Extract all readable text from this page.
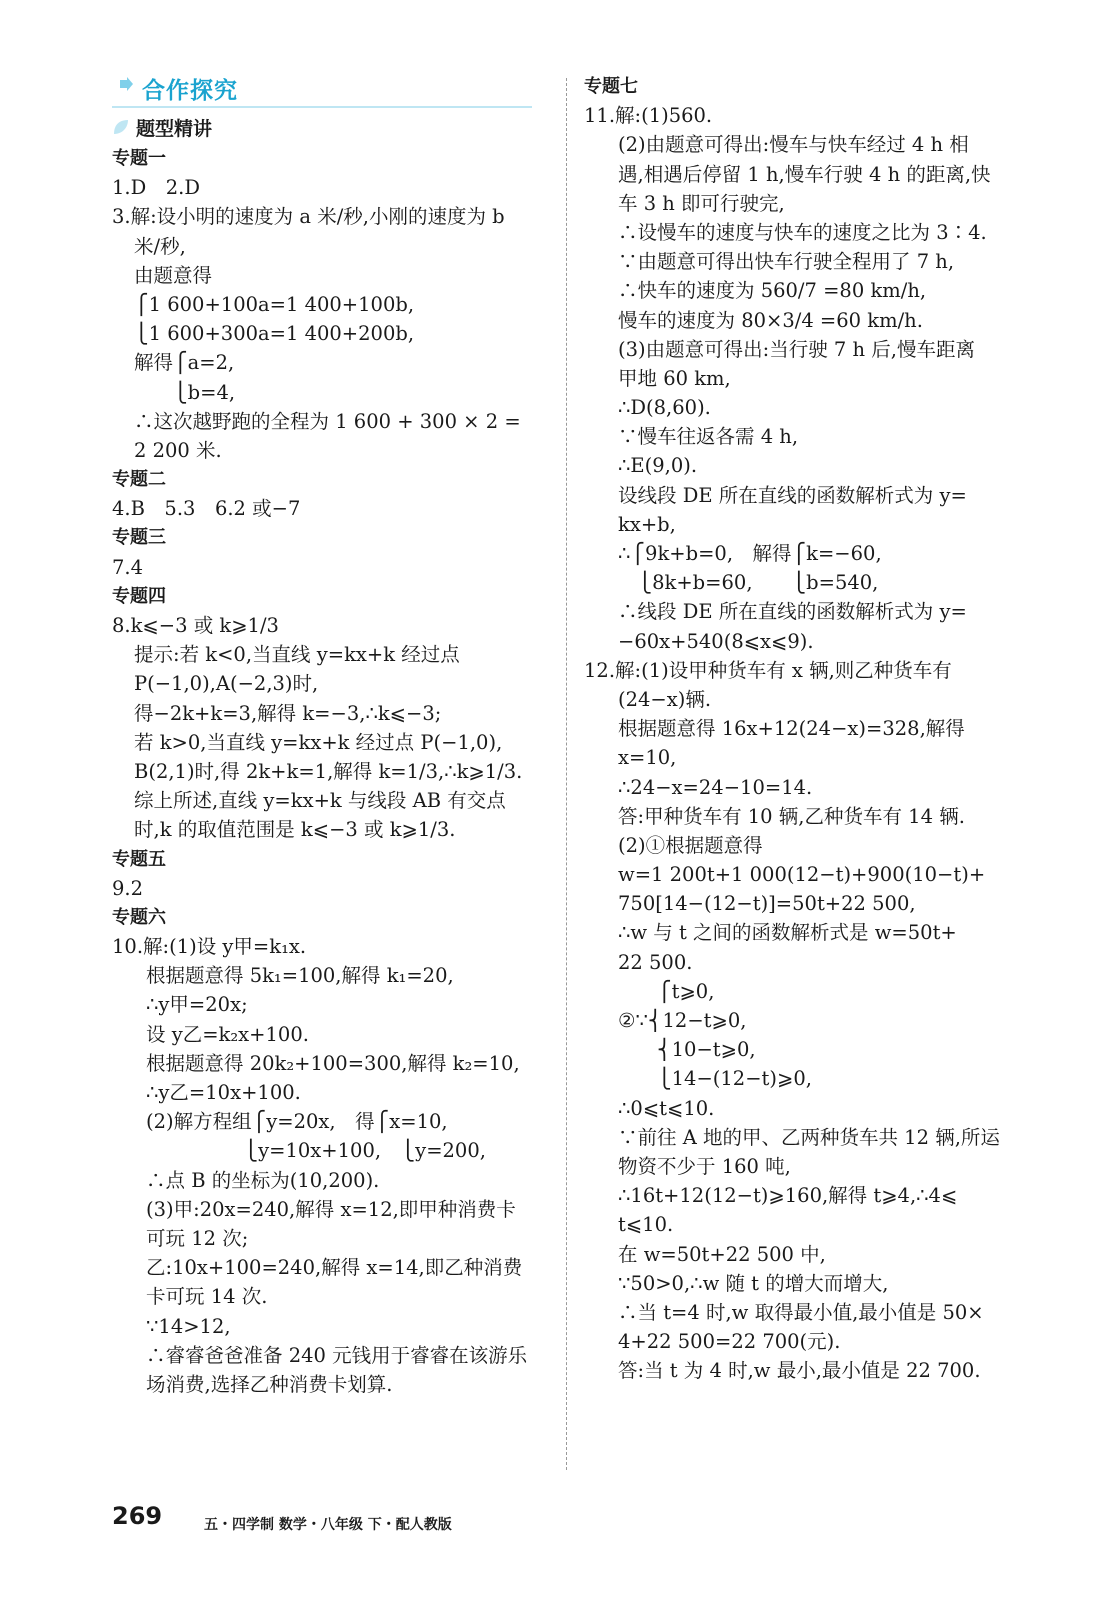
合作探究
题型精讲
专题一
1.D　2.D
3.解:设小明的速度为 a 米/秒,小刚的速度为 b
米/秒,
由题意得
⎧1 600+100a=1 400+100b,
⎩1 600+300a=1 400+200b,
解得⎧a=2,
　　⎩b=4,
∴这次越野跑的全程为 1 600 + 300 × 2 =
2 200 米.
专题二
4.B　5.3　6.2 或−7
专题三
7.4
专题四
8.k⩽−3 或 k⩾1/3
提示:若 k<0,当直线 y=kx+k 经过点
P(−1,0),A(−2,3)时,
得−2k+k=3,解得 k=−3,∴k⩽−3;
若 k>0,当直线 y=kx+k 经过点 P(−1,0),
B(2,1)时,得 2k+k=1,解得 k=1/3,∴k⩾1/3.
综上所述,直线 y=kx+k 与线段 AB 有交点
时,k 的取值范围是 k⩽−3 或 k⩾1/3.
专题五
9.2
专题六
10.解:(1)设 y甲=k₁x.
根据题意得 5k₁=100,解得 k₁=20,
∴y甲=20x;
设 y乙=k₂x+100.
根据题意得 20k₂+100=300,解得 k₂=10,
∴y乙=10x+100.
(2)解方程组⎧y=20x,　得⎧x=10,
　　　　　⎩y=10x+100,　⎩y=200,
∴点 B 的坐标为(10,200).
(3)甲:20x=240,解得 x=12,即甲种消费卡
可玩 12 次;
乙:10x+100=240,解得 x=14,即乙种消费
卡可玩 14 次.
∵14>12,
∴睿睿爸爸准备 240 元钱用于睿睿在该游乐
场消费,选择乙种消费卡划算.
专题七
11.解:(1)560.
(2)由题意可得出:慢车与快车经过 4 h 相
遇,相遇后停留 1 h,慢车行驶 4 h 的距离,快
车 3 h 即可行驶完,
∴设慢车的速度与快车的速度之比为 3∶4.
∵由题意可得出快车行驶全程用了 7 h,
∴快车的速度为 560/7 =80 km/h,
慢车的速度为 80×3/4 =60 km/h.
(3)由题意可得出:当行驶 7 h 后,慢车距离
甲地 60 km,
∴D(8,60).
∵慢车往返各需 4 h,
∴E(9,0).
设线段 DE 所在直线的函数解析式为 y=
kx+b,
∴⎧9k+b=0,　解得⎧k=−60,
　⎩8k+b=60,　　⎩b=540,
∴线段 DE 所在直线的函数解析式为 y=
−60x+540(8⩽x⩽9).
12.解:(1)设甲种货车有 x 辆,则乙种货车有
(24−x)辆.
根据题意得 16x+12(24−x)=328,解得
x=10,
∴24−x=24−10=14.
答:甲种货车有 10 辆,乙种货车有 14 辆.
(2)①根据题意得
w=1 200t+1 000(12−t)+900(10−t)+
750[14−(12−t)]=50t+22 500,
∴w 与 t 之间的函数解析式是 w=50t+
22 500.
　　⎧t⩾0,
②∵⎨12−t⩾0,
　　⎨10−t⩾0,
　　⎩14−(12−t)⩾0,
∴0⩽t⩽10.
∵前往 A 地的甲、乙两种货车共 12 辆,所运
物资不少于 160 吨,
∴16t+12(12−t)⩾160,解得 t⩾4,∴4⩽
t⩽10.
在 w=50t+22 500 中,
∵50>0,∴w 随 t 的增大而增大,
∴当 t=4 时,w 取得最小值,最小值是 50×
4+22 500=22 700(元).
答:当 t 为 4 时,w 最小,最小值是 22 700.
269	五・四学制 数学・八年级 下・配人教版
